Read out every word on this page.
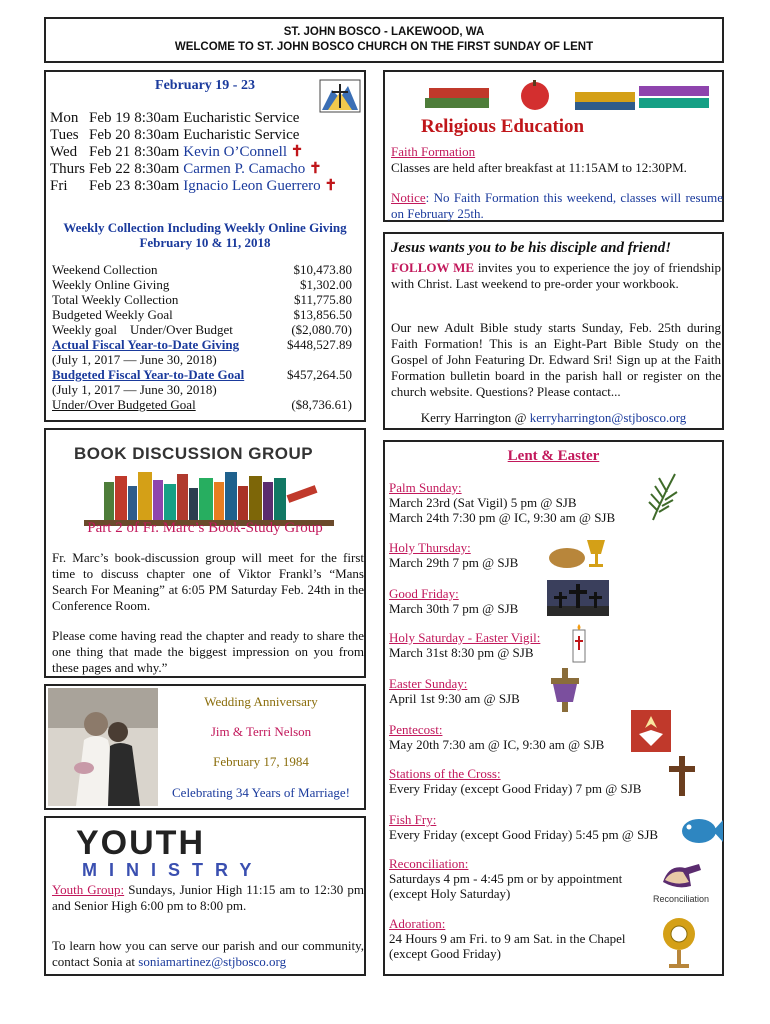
ST. JOHN BOSCO - LAKEWOOD, WA
WELCOME TO ST. JOHN BOSCO CHURCH ON THE FIRST SUNDAY OF LENT
February 19 - 23
Mon	Feb 19	8:30am	Eucharistic Service
Tues	Feb 20	8:30am	Eucharistic Service
Wed	Feb 21	8:30am	Kevin O’Connell ✝
Thurs	Feb 22	8:30am	Carmen P. Camacho ✝
Fri	Feb 23	8:30am	Ignacio Leon Guerrero ✝
Weekly Collection Including Weekly Online Giving
February 10 & 11, 2018
Weekend Collection	$10,473.80
Weekly Online Giving	$1,302.00
Total Weekly Collection	$11,775.80
Budgeted Weekly Goal	$13,856.50
Weekly goal    Under/Over Budget	($2,080.70)
Actual Fiscal Year-to-Date Giving	$448,527.89
(July 1, 2017 — June 30, 2018)	
Budgeted Fiscal Year-to-Date Goal	$457,264.50
(July 1, 2017 — June 30, 2018)	
Under/Over Budgeted Goal	($8,736.61)
BOOK DISCUSSION GROUP
Part 2 of Fr. Marc’s Book-Study Group
Fr. Marc’s book-discussion group will meet for the first time to discuss chapter one of Viktor Frankl’s “Mans Search For Meaning” at 6:05 PM Saturday Feb. 24th in the Conference Room.
Please come having read the chapter and ready to share the one thing that made the biggest impression on you from these pages and why.”
Wedding Anniversary
Jim & Terri Nelson
February 17, 1984
Celebrating 34 Years of Marriage!
YOUTH
MINISTRY
Youth Group: Sundays, Junior High 11:15 am to 12:30 pm and Senior High 6:00 pm to 8:00 pm.
To learn how you can serve our parish and our community, contact Sonia at soniamartinez@stjbosco.org
Religious Education
Faith Formation
Classes are held after breakfast at 11:15AM to 12:30PM.
Notice: No Faith Formation this weekend, classes will resume on February 25th.
Jesus wants you to be his disciple and friend!
FOLLOW ME invites you to experience the joy of friendship with Christ. Last weekend to pre-order your workbook.
Our new Adult Bible study starts Sunday, Feb. 25th during Faith Formation! This is an Eight-Part Bible Study on the Gospel of John Featuring Dr. Edward Sri! Sign up at the Faith Formation bulletin board in the parish hall or register on the church website. Questions? Please contact...
Kerry Harrington @ kerryharrington@stjbosco.org
Lent & Easter
Palm Sunday:
March 23rd (Sat Vigil) 5 pm @ SJB
March 24th 7:30 pm @ IC, 9:30 am @ SJB
Holy Thursday:
March 29th 7 pm @ SJB
Good Friday:
March 30th 7 pm @ SJB
Holy Saturday - Easter Vigil:
March 31st 8:30 pm @ SJB
Easter Sunday:
April 1st 9:30 am @ SJB
Pentecost:
May 20th 7:30 am @ IC, 9:30 am @ SJB
Stations of the Cross:
Every Friday (except Good Friday) 7 pm @ SJB
Fish Fry:
Every Friday (except Good Friday) 5:45 pm @ SJB
Reconciliation:
Saturdays 4 pm - 4:45 pm or by appointment
(except Holy Saturday)
Adoration:
24 Hours 9 am Fri. to 9 am Sat. in the Chapel
(except Good Friday)
Reconciliation
